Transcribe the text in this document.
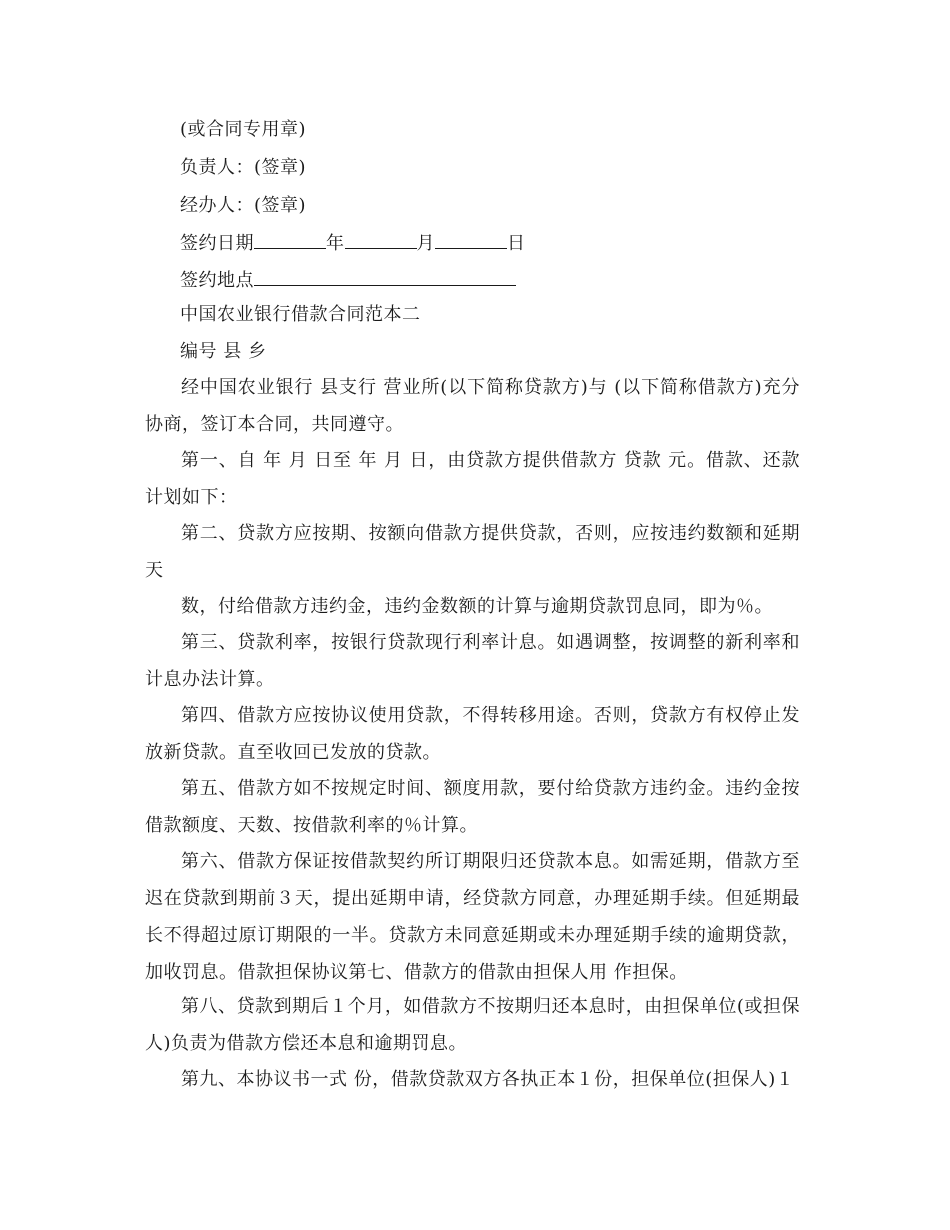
(或合同专用章)
负责人：(签章)
经办人：(签章)
签约日期	年	月	日
签约地点
中国农业银行借款合同范本二
编号 县 乡
经中国农业银行 县支行 营业所(以下简称贷款方)与 (以下简称借款方)充分协商，签订本合同，共同遵守。
第一、自 年 月 日至 年 月 日，由贷款方提供借款方 贷款 元。借款、还款计划如下：
第二、贷款方应按期、按额向借款方提供贷款，否则，应按违约数额和延期天
数，付给借款方违约金，违约金数额的计算与逾期贷款罚息同，即为％。
第三、贷款利率，按银行贷款现行利率计息。如遇调整，按调整的新利率和计息办法计算。
第四、借款方应按协议使用贷款，不得转移用途。否则，贷款方有权停止发放新贷款。直至收回已发放的贷款。
第五、借款方如不按规定时间、额度用款，要付给贷款方违约金。违约金按借款额度、天数、按借款利率的％计算。
第六、借款方保证按借款契约所订期限归还贷款本息。如需延期，借款方至迟在贷款到期前３天，提出延期申请，经贷款方同意，办理延期手续。但延期最长不得超过原订期限的一半。贷款方未同意延期或未办理延期手续的逾期贷款，加收罚息。借款担保协议第七、借款方的借款由担保人用 作担保。
第八、贷款到期后１个月，如借款方不按期归还本息时，由担保单位(或担保人)负责为借款方偿还本息和逾期罚息。
第九、本协议书一式 份，借款贷款双方各执正本１份，担保单位(担保人)１
